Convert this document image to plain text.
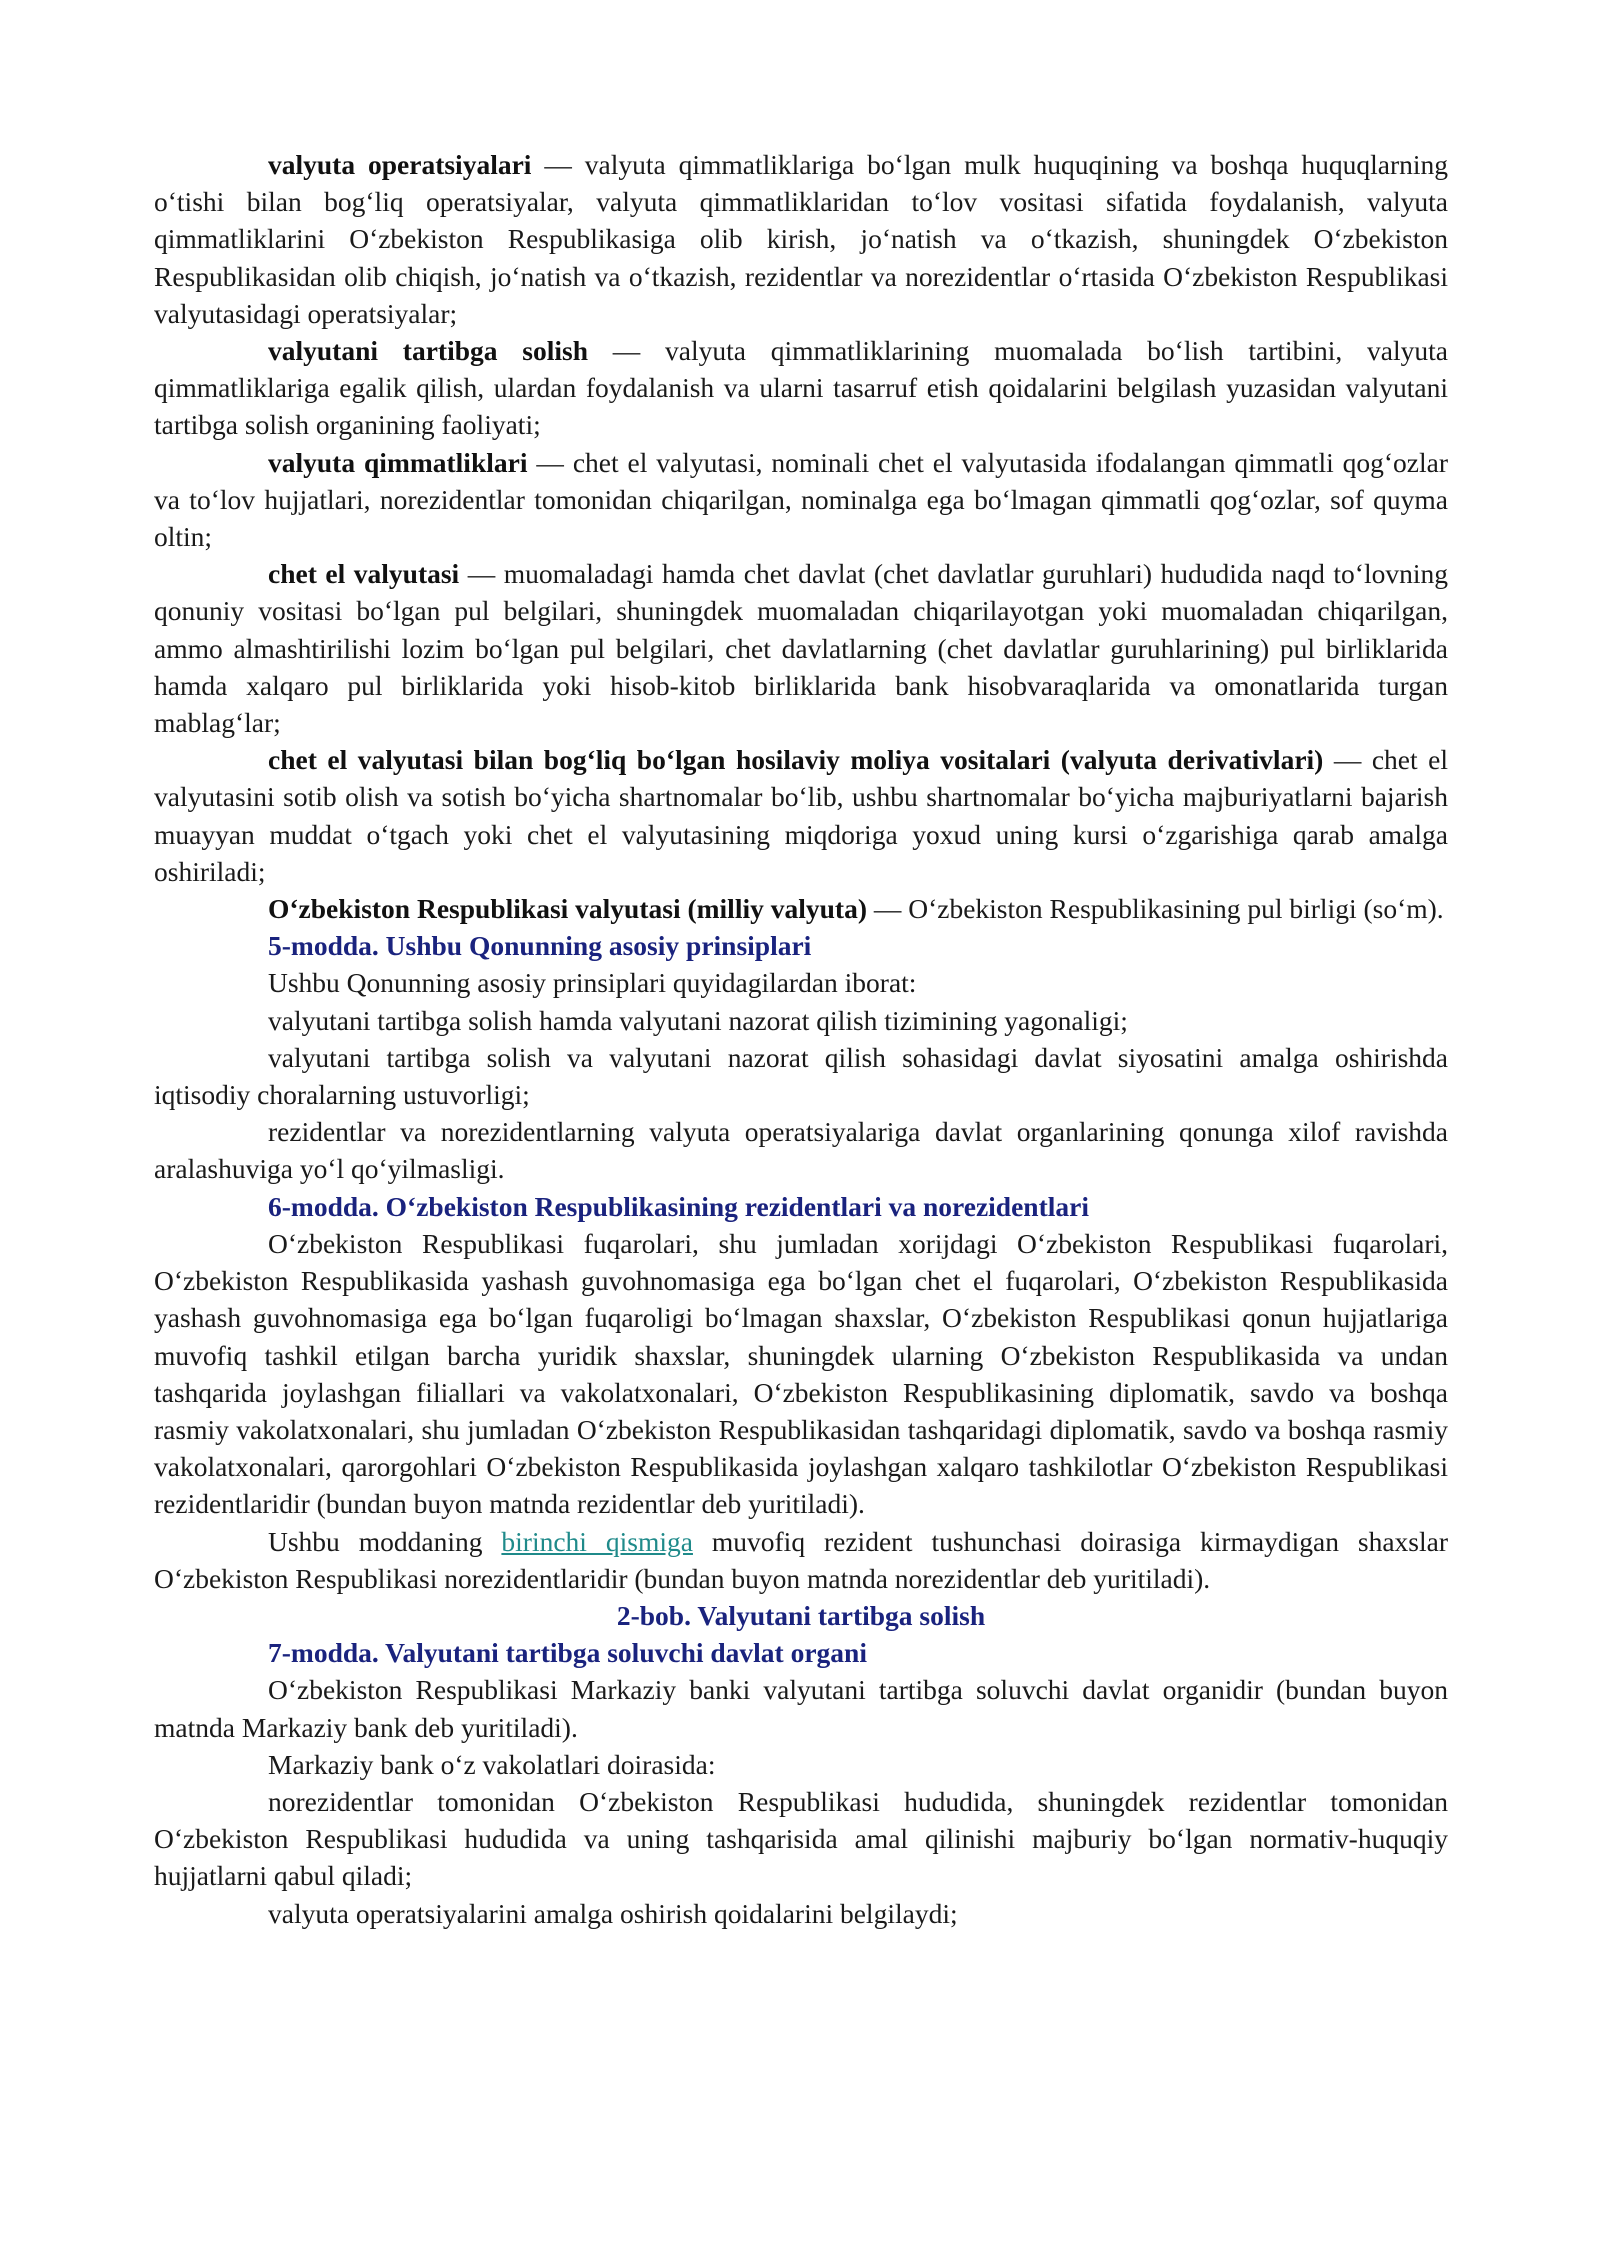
valyuta operatsiyalari — valyuta qimmatliklariga bo‘lgan mulk huquqining va boshqa huquqlarning o‘tishi bilan bog‘liq operatsiyalar, valyuta qimmatliklaridan to‘lov vositasi sifatida foydalanish, valyuta qimmatliklarini O‘zbekiston Respublikasiga olib kirish, jo‘natish va o‘tkazish, shuningdek O‘zbekiston Respublikasidan olib chiqish, jo‘natish va o‘tkazish, rezidentlar va norezidentlar o‘rtasida O‘zbekiston Respublikasi valyutasidagi operatsiyalar;

valyutani tartibga solish — valyuta qimmatliklarining muomalada bo‘lish tartibini, valyuta qimmatliklariga egalik qilish, ulardan foydalanish va ularni tasarruf etish qoidalarini belgilash yuzasidan valyutani tartibga solish organining faoliyati;

valyuta qimmatliklari — chet el valyutasi, nominali chet el valyutasida ifodalangan qimmatli qog‘ozlar va to‘lov hujjatlari, norezidentlar tomonidan chiqarilgan, nominalga ega bo‘lmagan qimmatli qog‘ozlar, sof quyma oltin;

chet el valyutasi — muomaladagi hamda chet davlat (chet davlatlar guruhlari) hududida naqd to‘lovning qonuniy vositasi bo‘lgan pul belgilari, shuningdek muomaladan chiqarilayotgan yoki muomaladan chiqarilgan, ammo almashtirilishi lozim bo‘lgan pul belgilari, chet davlatlarning (chet davlatlar guruhlarining) pul birliklarida hamda xalqaro pul birliklarida yoki hisob-kitob birliklarida bank hisobvaraqlarida va omonatlarida turgan mablag‘lar;

chet el valyutasi bilan bog‘liq bo‘lgan hosilaviy moliya vositalari (valyuta derivativlari) — chet el valyutasini sotib olish va sotish bo‘yicha shartnomalar bo‘lib, ushbu shartnomalar bo‘yicha majburiyatlarni bajarish muayyan muddat o‘tgach yoki chet el valyutasining miqdoriga yoxud uning kursi o‘zgarishiga qarab amalga oshiriladi;

O‘zbekiston Respublikasi valyutasi (milliy valyuta) — O‘zbekiston Respublikasining pul birligi (so‘m).

5-modda. Ushbu Qonunning asosiy prinsiplari

Ushbu Qonunning asosiy prinsiplari quyidagilardan iborat:

valyutani tartibga solish hamda valyutani nazorat qilish tizimining yagonaligi;

valyutani tartibga solish va valyutani nazorat qilish sohasidagi davlat siyosatini amalga oshirishda iqtisodiy choralarning ustuvorligi;

rezidentlar va norezidentlarning valyuta operatsiyalariga davlat organlarining qonunga xilof ravishda aralashuviga yo‘l qo‘yilmasligi.

6-modda. O‘zbekiston Respublikasining rezidentlari va norezidentlari

O‘zbekiston Respublikasi fuqarolari, shu jumladan xorijdagi O‘zbekiston Respublikasi fuqarolari, O‘zbekiston Respublikasida yashash guvohnomasiga ega bo‘lgan chet el fuqarolari, O‘zbekiston Respublikasida yashash guvohnomasiga ega bo‘lgan fuqaroligi bo‘lmagan shaxslar, O‘zbekiston Respublikasi qonun hujjatlariga muvofiq tashkil etilgan barcha yuridik shaxslar, shuningdek ularning O‘zbekiston Respublikasida va undan tashqarida joylashgan filiallari va vakolatxonalari, O‘zbekiston Respublikasining diplomatik, savdo va boshqa rasmiy vakolatxonalari, shu jumladan O‘zbekiston Respublikasidan tashqaridagi diplomatik, savdo va boshqa rasmiy vakolatxonalari, qarorgohlari O‘zbekiston Respublikasida joylashgan xalqaro tashkilotlar O‘zbekiston Respublikasi rezidentlaridir (bundan buyon matnda rezidentlar deb yuritiladi).

Ushbu moddaning birinchi qismiga muvofiq rezident tushunchasi doirasiga kirmaydigan shaxslar O‘zbekiston Respublikasi norezidentlaridir (bundan buyon matnda norezidentlar deb yuritiladi).

2-bob. Valyutani tartibga solish

7-modda. Valyutani tartibga soluvchi davlat organi

O‘zbekiston Respublikasi Markaziy banki valyutani tartibga soluvchi davlat organidir (bundan buyon matnda Markaziy bank deb yuritiladi).

Markaziy bank o‘z vakolatlari doirasida:

norezidentlar tomonidan O‘zbekiston Respublikasi hududida, shuningdek rezidentlar tomonidan O‘zbekiston Respublikasi hududida va uning tashqarisida amal qilinishi majburiy bo‘lgan normativ-huquqiy hujjatlarni qabul qiladi;

valyuta operatsiyalarini amalga oshirish qoidalarini belgilaydi;
